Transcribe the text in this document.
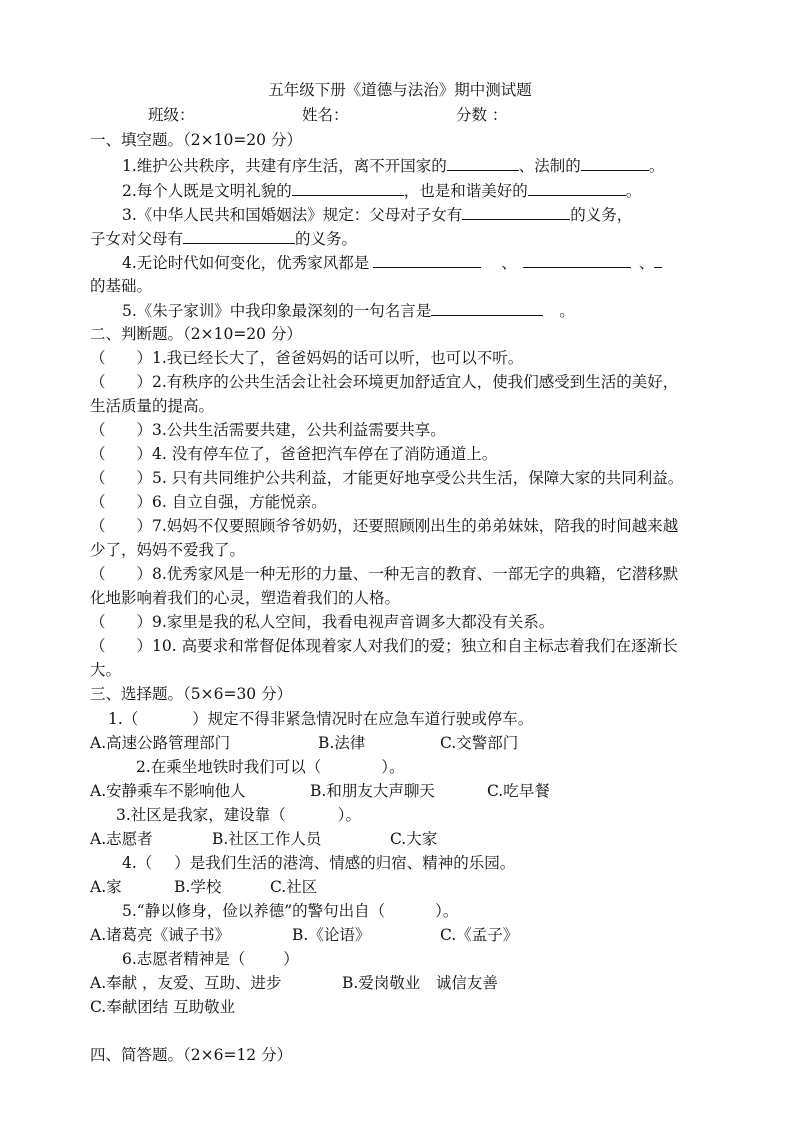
五年级下册《道德与法治》期中测试题
班级：	姓名：	分数 ：
一、填空题。（2×10=20 分）
1.维护公共秩序，共建有序生活，离不开国家的	、法制的	。
2.每个人既是文明礼貌的	，也是和谐美好的	。
3.《中华人民共和国婚姻法》规定：父母对子女有	的义务，
子女对父母有	的义务。
4.无论时代如何变化，优秀家风都是	、	、
的基础。
5.《朱子家训》中我印象最深刻的一句名言是	。
二、判断题。（2×10=20 分）
（　　）1.我已经长大了，爸爸妈妈的话可以听，也可以不听。
（　　）2.有秩序的公共生活会让社会环境更加舒适宜人，使我们感受到生活的美好，
生活质量的提高。
（　　）3.公共生活需要共建，公共利益需要共享。
（　　）4. 没有停车位了，爸爸把汽车停在了消防通道上。
（　　）5. 只有共同维护公共利益，才能更好地享受公共生活，保障大家的共同利益。
（　　）6. 自立自强，方能悦亲。
（　　）7.妈妈不仅要照顾爷爷奶奶，还要照顾刚出生的弟弟妹妹，陪我的时间越来越
少了，妈妈不爱我了。
（　　）8.优秀家风是一种无形的力量、一种无言的教育、一部无字的典籍，它潜移默
化地影响着我们的心灵，塑造着我们的人格。
（　　）9.家里是我的私人空间，我看电视声音调多大都没有关系。
（　　）10. 高要求和常督促体现着家人对我们的爱；独立和自主标志着我们在逐渐长
大。
三、选择题。（5×6=30 分）
1.（	）规定不得非紧急情况时在应急车道行驶或停车。
A.高速公路管理部门	B.法律	C.交警部门
2.在乘坐地铁时我们可以（	）。
A.安静乘车不影响他人	B.和朋友大声聊天	C.吃早餐
3.社区是我家，建设靠（	）。
A.志愿者	B.社区工作人员	C.大家
4.（ ）是我们生活的港湾、情感的归宿、精神的乐园。
A.家	B.学校	C.社区
5.“静以修身，俭以养德”的警句出自（	）。
A.诸葛亮《诫子书》	B.《论语》	C.《孟子》
6.志愿者精神是（ ）
A.奉献 ，友爱、互助、进步	B.爱岗敬业　诚信友善
C.奉献团结 互助敬业
四、简答题。（2×6=12 分）
